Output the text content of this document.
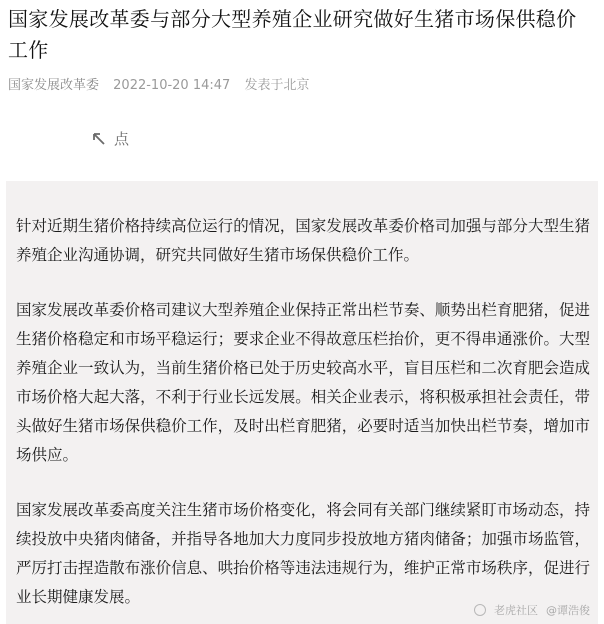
国家发展改革委与部分大型养殖企业研究做好生猪市场保供稳价工作
国家发展改革委 2022-10-20 14:47 发表于北京
点

针对近期生猪价格持续高位运行的情况，国家发展改革委价格司加强与部分大型生猪养殖企业沟通协调，研究共同做好生猪市场保供稳价工作。

国家发展改革委价格司建议大型养殖企业保持正常出栏节奏、顺势出栏育肥猪，促进生猪价格稳定和市场平稳运行；要求企业不得故意压栏抬价，更不得串通涨价。大型养殖企业一致认为，当前生猪价格已处于历史较高水平，盲目压栏和二次育肥会造成市场价格大起大落，不利于行业长远发展。相关企业表示，将积极承担社会责任，带头做好生猪市场保供稳价工作，及时出栏育肥猪，必要时适当加快出栏节奏，增加市场供应。

国家发展改革委高度关注生猪市场价格变化，将会同有关部门继续紧盯市场动态，持续投放中央猪肉储备，并指导各地加大力度同步投放地方猪肉储备；加强市场监管，严厉打击捏造散布涨价信息、哄抬价格等违法违规行为，维护正常市场秩序，促进行业长期健康发展。

老虎社区 @谭浩俊
